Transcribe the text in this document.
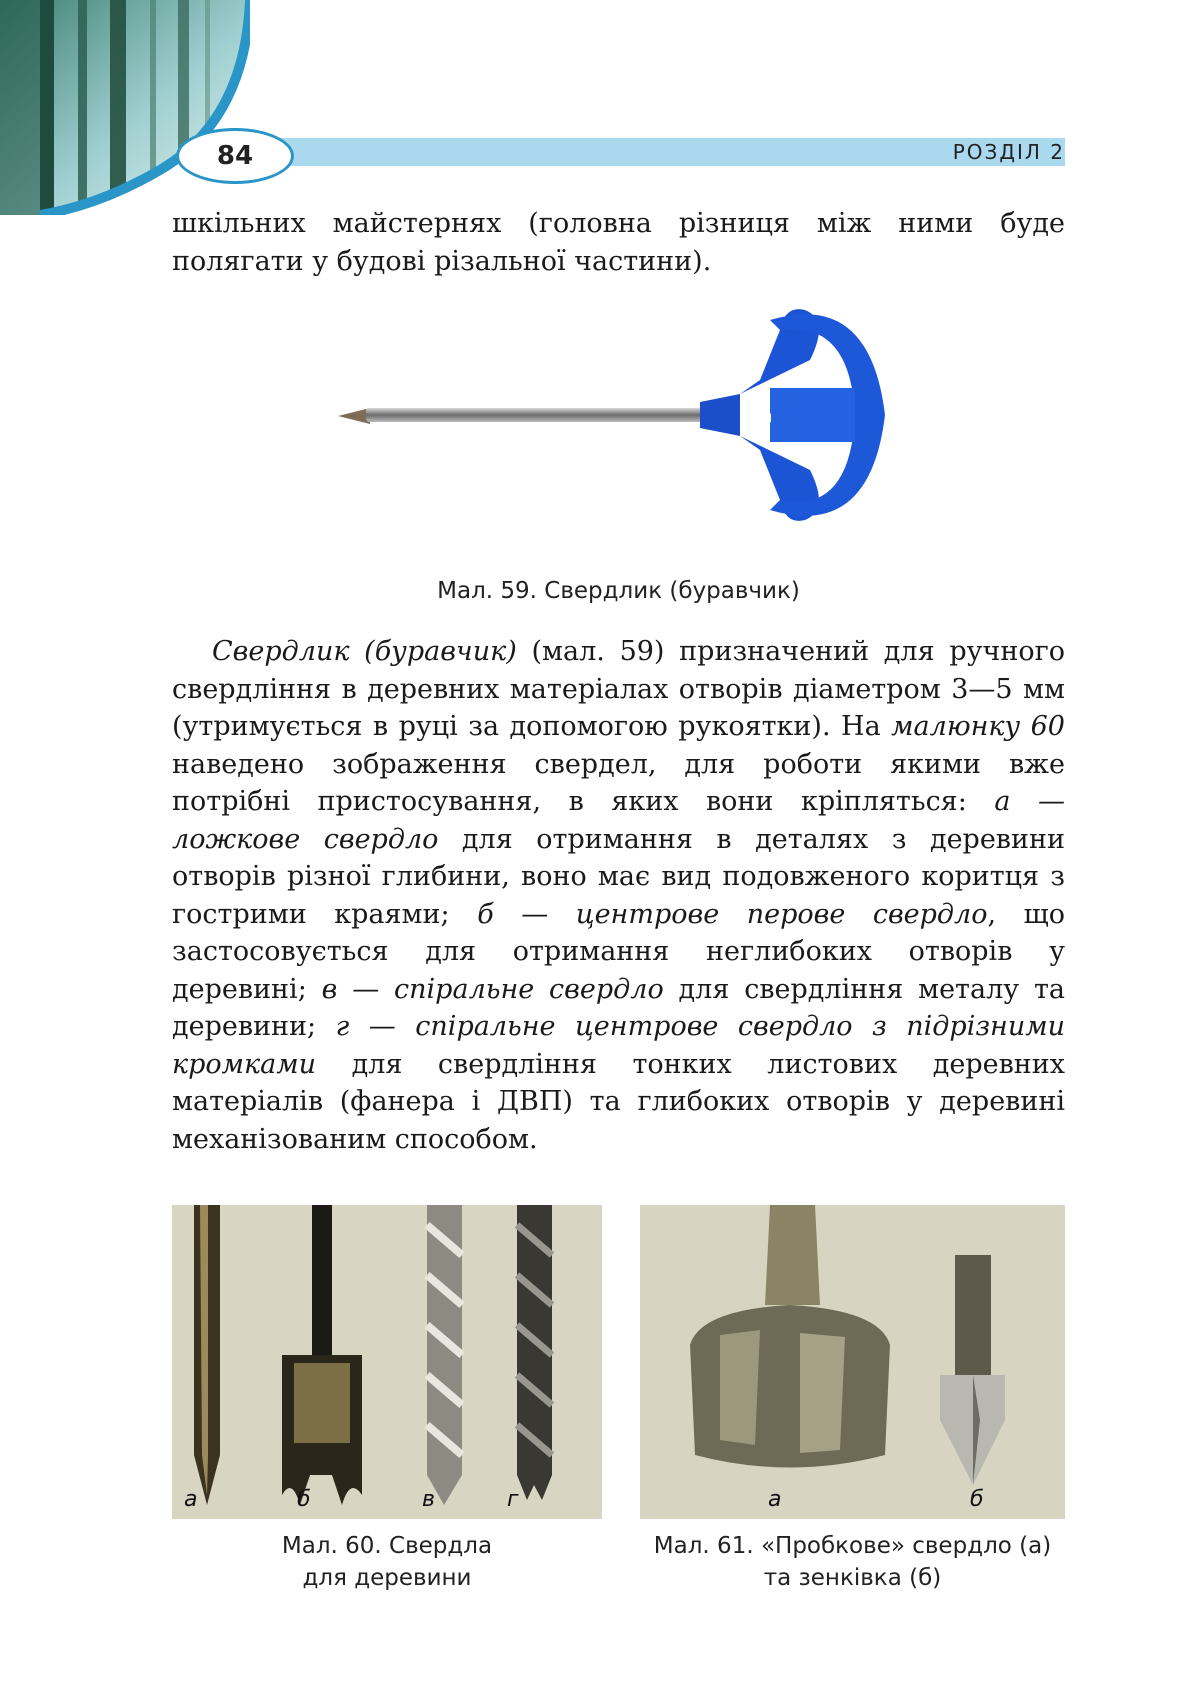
84	РОЗДІЛ 2

шкільних майстернях (головна різниця між ними буде полягати у будові різальної частини).

5
Мал. 59. Свердлик (буравчик)

Свердлик (буравчик) (мал. 59) призначений для ручного свердління в деревних матеріалах отворів діаметром 3—5 мм (утримується в руці за допомогою рукоятки). На малюнку 60 наведено зображення свердел, для роботи якими вже потрібні пристосування, в яких вони кріпляться: а — ложкове свердло для отримання в деталях з деревини отворів різної глибини, воно має вид подовженого коритця з гострими краями; б — центрове перове свердло, що застосовується для отримання неглибоких отворів у деревині; в — спіральне свердло для свердління металу та деревини; г — спіральне центрове свердло з підрізними кромками для свердління тонких листових деревних матеріалів (фанера і ДВП) та глибоких отворів у деревині механізованим способом.

а	б	в	г	а	б
Мал. 60. Свердла
для деревини
Мал. 61. «Пробкове» свердло (а)
та зенківка (б)
